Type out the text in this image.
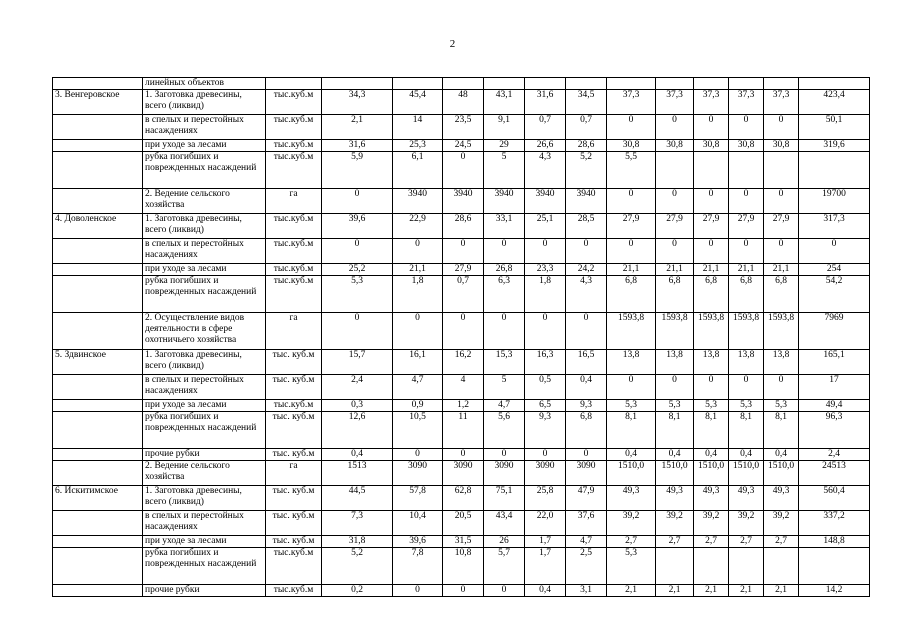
2
	линейных объектов													
3. Венгеровское	1. Заготовка древесины, всего (ликвид)	тыс.куб.м	34,3	45,4	48	43,1	31,6	34,5	37,3	37,3	37,3	37,3	37,3	423,4
	в спелых и перестойных насаждениях	тыс.куб.м	2,1	14	23,5	9,1	0,7	0,7	0	0	0	0	0	50,1
	при уходе за лесами	тыс.куб.м	31,6	25,3	24,5	29	26,6	28,6	30,8	30,8	30,8	30,8	30,8	319,6
	рубка погибших и поврежденных насаждений	тыс.куб.м	5,9	6,1	0	5	4,3	5,2	5,5					
	2. Ведение сельского хозяйства	га	0	3940	3940	3940	3940	3940	0	0	0	0	0	19700
4. Доволенское	1. Заготовка древесины, всего (ликвид)	тыс.куб.м	39,6	22,9	28,6	33,1	25,1	28,5	27,9	27,9	27,9	27,9	27,9	317,3
	в спелых и перестойных насаждениях	тыс.куб.м	0	0	0	0	0	0	0	0	0	0	0	0
	при уходе за лесами	тыс.куб.м	25,2	21,1	27,9	26,8	23,3	24,2	21,1	21,1	21,1	21,1	21,1	254
	рубка погибших и поврежденных насаждений	тыс.куб.м	5,3	1,8	0,7	6,3	1,8	4,3	6,8	6,8	6,8	6,8	6,8	54,2
	2. Осуществление видов деятельности в сфере охотничьего хозяйства	га	0	0	0	0	0	0	1593,8	1593,8	1593,8	1593,8	1593,8	7969
5. Здвинское	1. Заготовка древесины, всего (ликвид)	тыс. куб.м	15,7	16,1	16,2	15,3	16,3	16,5	13,8	13,8	13,8	13,8	13,8	165,1
	в спелых и перестойных насаждениях	тыс. куб.м	2,4	4,7	4	5	0,5	0,4	0	0	0	0	0	17
	при уходе за лесами	тыс.куб.м	0,3	0,9	1,2	4,7	6,5	9,3	5,3	5,3	5,3	5,3	5,3	49,4
	рубка погибших и поврежденных насаждений	тыс. куб.м	12,6	10,5	11	5,6	9,3	6,8	8,1	8,1	8,1	8,1	8,1	96,3
	прочие рубки	тыс. куб.м	0,4	0	0	0	0	0	0,4	0,4	0,4	0,4	0,4	2,4
	2. Ведение сельского хозяйства	га	1513	3090	3090	3090	3090	3090	1510,0	1510,0	1510,0	1510,0	1510,0	24513
6. Искитимское	1. Заготовка древесины, всего (ликвид)	тыс. куб.м	44,5	57,8	62,8	75,1	25,8	47,9	49,3	49,3	49,3	49,3	49,3	560,4
	в спелых и перестойных насаждениях	тыс. куб.м	7,3	10,4	20,5	43,4	22,0	37,6	39,2	39,2	39,2	39,2	39,2	337,2
	при уходе за лесами	тыс. куб.м	31,8	39,6	31,5	26	1,7	4,7	2,7	2,7	2,7	2,7	2,7	148,8
	рубка погибших и поврежденных насаждений	тыс.куб.м	5,2	7,8	10,8	5,7	1,7	2,5	5,3					
	прочие рубки	тыс.куб.м	0,2	0	0	0	0,4	3,1	2,1	2,1	2,1	2,1	2,1	14,2
